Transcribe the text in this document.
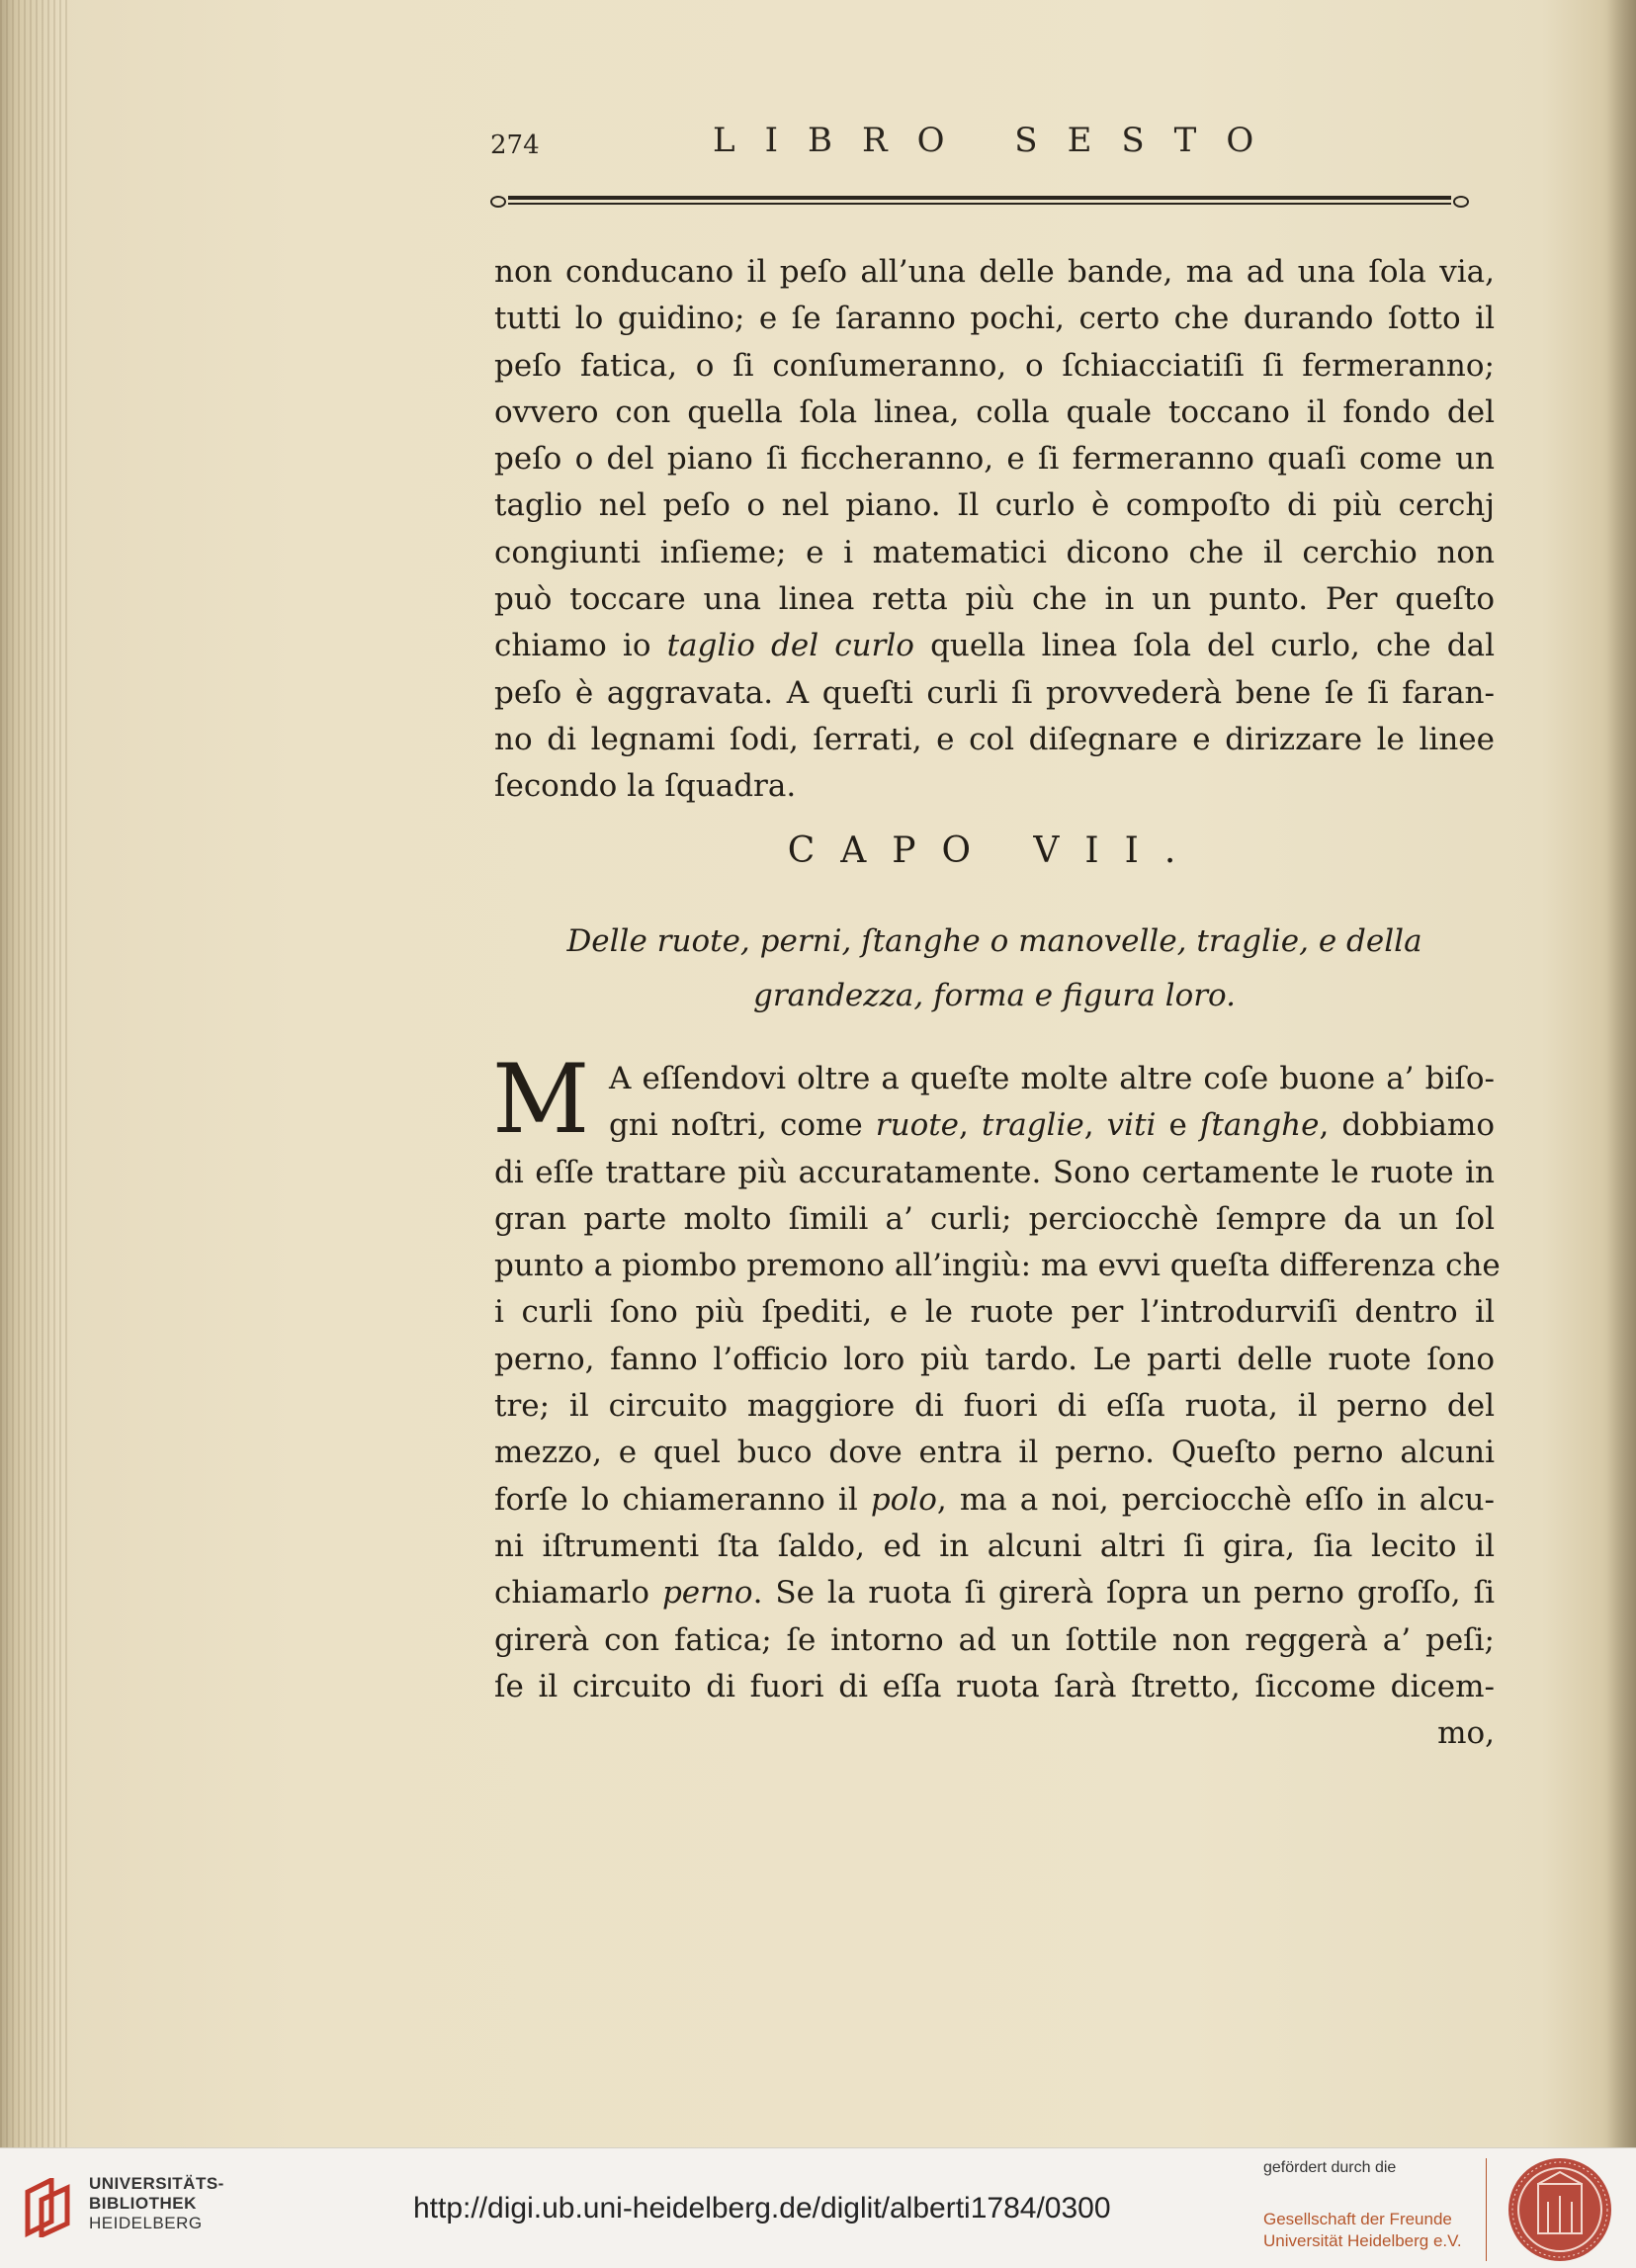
274	LIBRO SESTO
non conducano il peſo all’una delle bande, ma ad una ſola via,
tutti lo guidino; e ſe ſaranno pochi, certo che durando ſotto il
peſo fatica, o ſi conſumeranno, o ſchiacciatiſi ſi fermeranno;
ovvero con quella ſola linea, colla quale toccano il fondo del
peſo o del piano ſi ficcheranno, e ſi fermeranno quaſi come un
taglio nel peſo o nel piano. Il curlo è compoſto di più cerchj
congiunti inſieme; e i matematici dicono che il cerchio non
può toccare una linea retta più che in un punto. Per queſto
chiamo io taglio del curlo quella linea ſola del curlo, che dal
peſo è aggravata. A queſti curli ſi provvederà bene ſe ſi faran-
no di legnami ſodi, ſerrati, e col diſegnare e dirizzare le linee
ſecondo la ſquadra.
CAPO VII.
Delle ruote, perni, ſtanghe o manovelle, traglie, e della
grandezza, forma e figura loro.
M A eſſendovi oltre a queſte molte altre coſe buone a’ biſo-
gni noſtri, come ruote, traglie, viti e ſtanghe, dobbiamo
di eſſe trattare più accuratamente. Sono certamente le ruote in
gran parte molto ſimili a’ curli; perciocchè ſempre da un ſol
punto a piombo premono all’ingiù: ma evvi queſta differenza che
i curli ſono più ſpediti, e le ruote per l’introdurviſi dentro il
perno, fanno l’officio loro più tardo. Le parti delle ruote ſono
tre; il circuito maggiore di fuori di eſſa ruota, il perno del
mezzo, e quel buco dove entra il perno. Queſto perno alcuni
forſe lo chiameranno il polo, ma a noi, perciocchè eſſo in alcu-
ni iſtrumenti ſta ſaldo, ed in alcuni altri ſi gira, ſia lecito il
chiamarlo perno. Se la ruota ſi girerà ſopra un perno groſſo, ſi
girerà con fatica; ſe intorno ad un ſottile non reggerà a’ peſi;
ſe il circuito di fuori di eſſa ruota ſarà ſtretto, ſiccome dicem-
mo,
UNIVERSITÄTS-
BIBLIOTHEK
HEIDELBERG	http://digi.ub.uni-heidelberg.de/diglit/alberti1784/0300
gefördert durch die
Gesellschaft der Freunde
Universität Heidelberg e.V.
